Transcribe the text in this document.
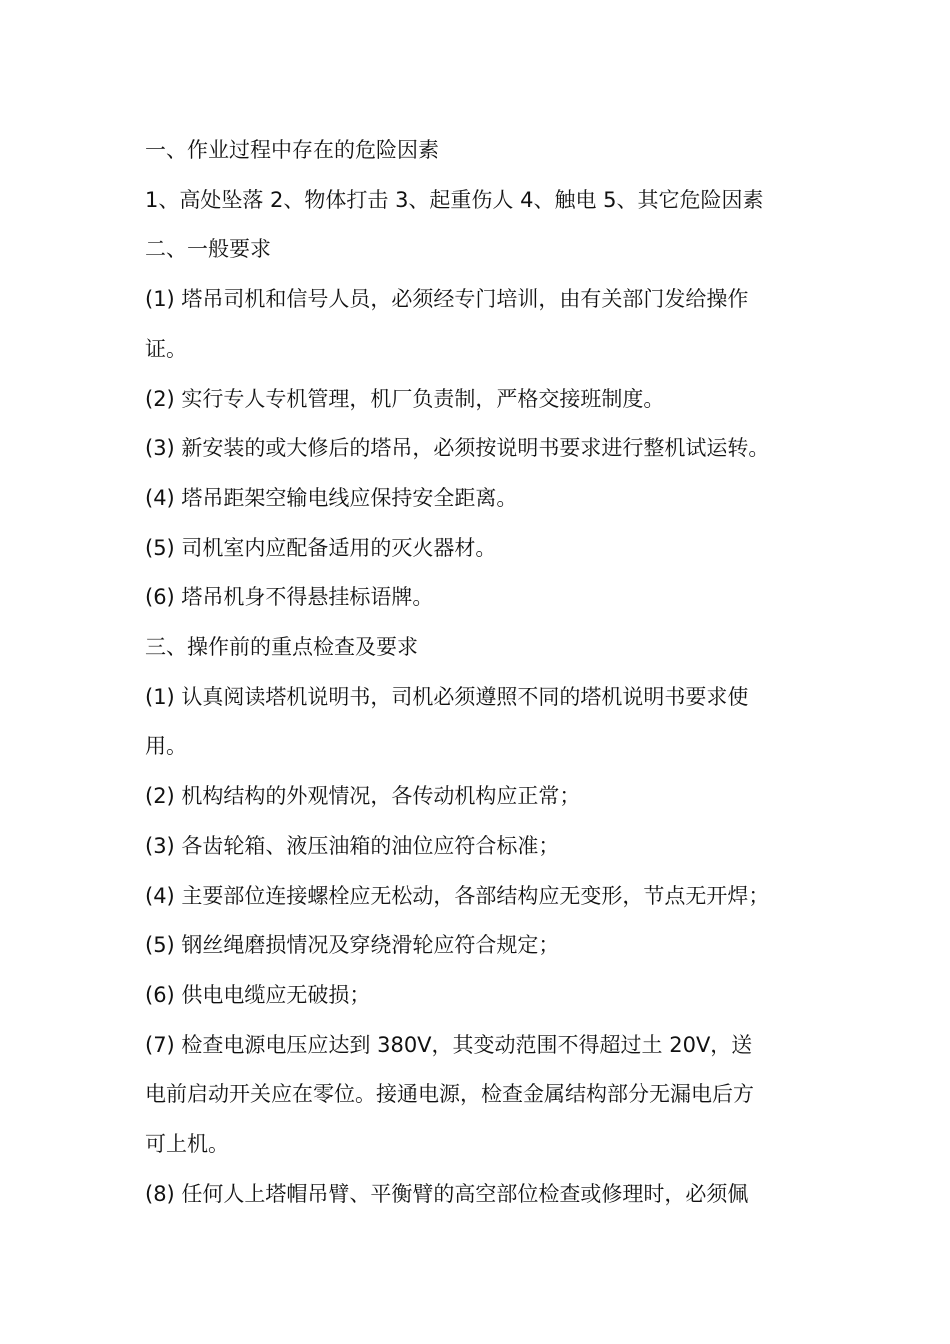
一、作业过程中存在的危险因素
1、高处坠落 2、物体打击 3、起重伤人 4、触电 5、其它危险因素
二、一般要求
(1) 塔吊司机和信号人员，必须经专门培训，由有关部门发给操作
证。
(2) 实行专人专机管理，机厂负责制，严格交接班制度。
(3) 新安装的或大修后的塔吊，必须按说明书要求进行整机试运转。
(4) 塔吊距架空输电线应保持安全距离。
(5) 司机室内应配备适用的灭火器材。
(6) 塔吊机身不得悬挂标语牌。
三、操作前的重点检查及要求
(1) 认真阅读塔机说明书，司机必须遵照不同的塔机说明书要求使
用。
(2) 机构结构的外观情况，各传动机构应正常；
(3) 各齿轮箱、液压油箱的油位应符合标准；
(4) 主要部位连接螺栓应无松动，各部结构应无变形，节点无开焊；
(5) 钢丝绳磨损情况及穿绕滑轮应符合规定；
(6) 供电电缆应无破损；
(7) 检查电源电压应达到 380V，其变动范围不得超过土 20V，送
电前启动开关应在零位。接通电源，检查金属结构部分无漏电后方
可上机。
(8) 任何人上塔帽吊臂、平衡臂的高空部位检查或修理时，必须佩
